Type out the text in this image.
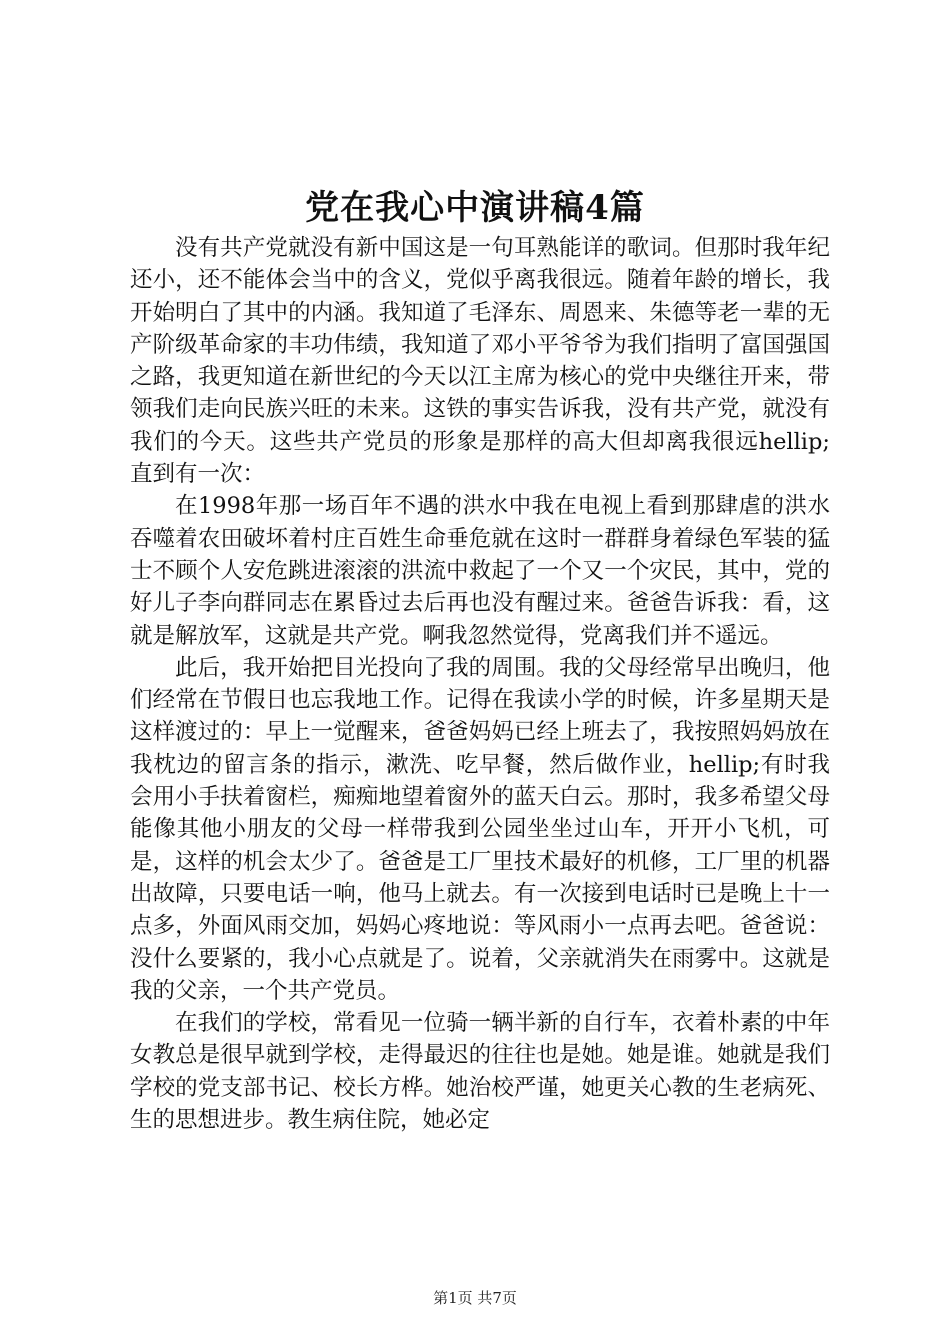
党在我心中演讲稿4篇

没有共产党就没有新中国这是一句耳熟能详的歌词。但那时我年纪还小，还不能体会当中的含义，党似乎离我很远。随着年龄的增长，我开始明白了其中的内涵。我知道了毛泽东、周恩来、朱德等老一辈的无产阶级革命家的丰功伟绩，我知道了邓小平爷爷为我们指明了富国强国之路，我更知道在新世纪的今天以江主席为核心的党中央继往开来，带领我们走向民族兴旺的未来。这铁的事实告诉我，没有共产党，就没有我们的今天。这些共产党员的形象是那样的高大但却离我很远hellip;直到有一次：

在1998年那一场百年不遇的洪水中我在电视上看到那肆虐的洪水吞噬着农田破坏着村庄百姓生命垂危就在这时一群群身着绿色军装的猛士不顾个人安危跳进滚滚的洪流中救起了一个又一个灾民，其中，党的好儿子李向群同志在累昏过去后再也没有醒过来。爸爸告诉我：看，这就是解放军，这就是共产党。啊我忽然觉得，党离我们并不遥远。

此后，我开始把目光投向了我的周围。我的父母经常早出晚归，他们经常在节假日也忘我地工作。记得在我读小学的时候，许多星期天是这样渡过的：早上一觉醒来，爸爸妈妈已经上班去了，我按照妈妈放在我枕边的留言条的指示，漱洗、吃早餐，然后做作业，hellip;有时我会用小手扶着窗栏，痴痴地望着窗外的蓝天白云。那时，我多希望父母能像其他小朋友的父母一样带我到公园坐坐过山车，开开小飞机，可是，这样的机会太少了。爸爸是工厂里技术最好的机修，工厂里的机器出故障，只要电话一响，他马上就去。有一次接到电话时已是晚上十一点多，外面风雨交加，妈妈心疼地说：等风雨小一点再去吧。爸爸说：没什么要紧的，我小心点就是了。说着，父亲就消失在雨雾中。这就是我的父亲，一个共产党员。

在我们的学校，常看见一位骑一辆半新的自行车，衣着朴素的中年女教总是很早就到学校，走得最迟的往往也是她。她是谁。她就是我们学校的党支部书记、校长方桦。她治校严谨，她更关心教的生老病死、生的思想进步。教生病住院，她必定

第1页 共7页
